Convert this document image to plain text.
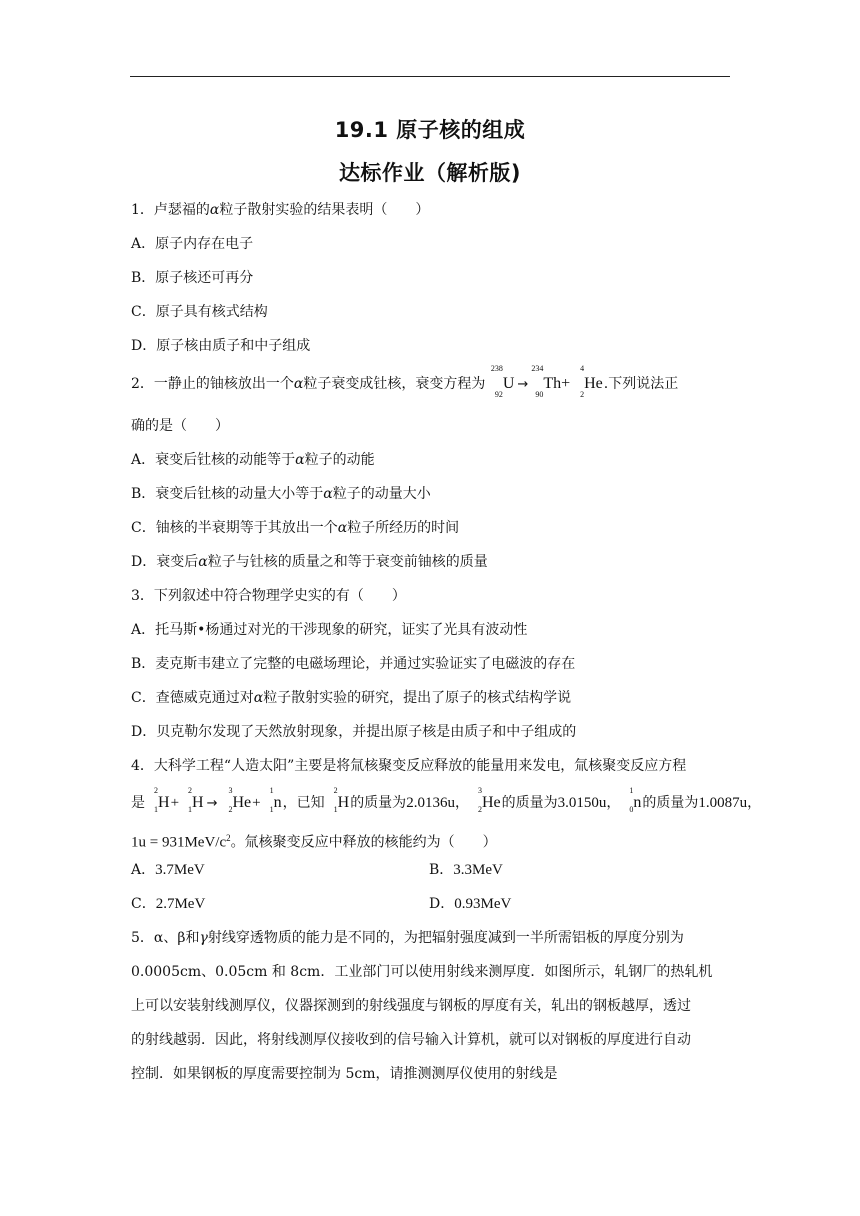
19.1 原子核的组成
达标作业（解析版)
1．卢瑟福的α粒子散射实验的结果表明（　　）
A．原子内存在电子
B．原子核还可再分
C．原子具有核式结构
D．原子核由质子和中子组成
2．一静止的铀核放出一个α粒子衰变成钍核，衰变方程为
238
92
U →
234
90
Th+
4
2
He.下列说法正
确的是（　　）
A．衰变后钍核的动能等于α粒子的动能
B．衰变后钍核的动量大小等于α粒子的动量大小
C．铀核的半衰期等于其放出一个α粒子所经历的时间
D．衰变后α粒子与钍核的质量之和等于衰变前铀核的质量
3．下列叙述中符合物理学史实的有（　　）
A．托马斯•杨通过对光的干涉现象的研究，证实了光具有波动性
B．麦克斯韦建立了完整的电磁场理论，并通过实验证实了电磁波的存在
C．查德威克通过对α粒子散射实验的研究，提出了原子的核式结构学说
D．贝克勒尔发现了天然放射现象，并提出原子核是由质子和中子组成的
4．大科学工程“人造太阳”主要是将氚核聚变反应释放的能量用来发电，氚核聚变反应方程
是
2
1 H+
2
1 H →
3
2 He+
1
1 n，已知
2
1 H的质量为2.0136u，
3
2 He的质量为3.0150u，
1
0 n的质量为1.0087u，
$1u = 931MeV/c^2$。氚核聚变反应中释放的核能约为（　　）
A．3.7MeV	B．3.3MeV
C．2.7MeV	D．0.93MeV
5．α、β和γ射线穿透物质的能力是不同的，为把辐射强度减到一半所需铝板的厚度分别为
0.0005cm、0.05cm 和 8cm．工业部门可以使用射线来测厚度．如图所示，轧钢厂的热轧机
上可以安装射线测厚仪，仪器探测到的射线强度与钢板的厚度有关，轧出的钢板越厚，透过
的射线越弱．因此，将射线测厚仪接收到的信号输入计算机，就可以对钢板的厚度进行自动
控制．如果钢板的厚度需要控制为 5cm，请推测测厚仪使用的射线是
